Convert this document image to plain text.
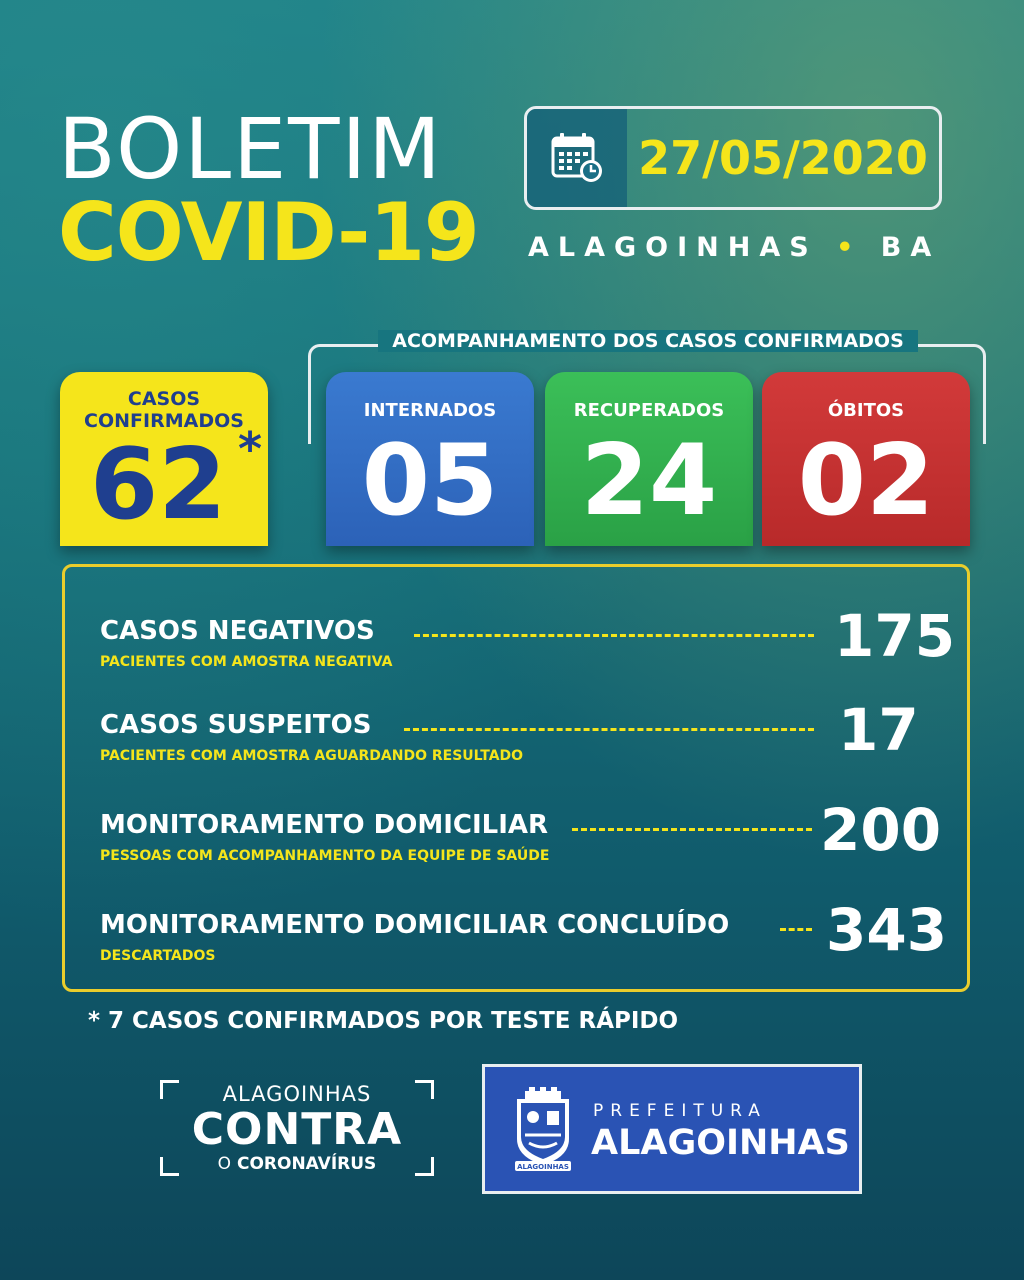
BOLETIM
COVID-19
27/05/2020
ALAGOINHAS • BA
ACOMPANHAMENTO DOS CASOS CONFIRMADOS
CASOS
CONFIRMADOS
62 *
INTERNADOS
05
RECUPERADOS
24
ÓBITOS
02
CASOS NEGATIVOS	175
PACIENTES COM AMOSTRA NEGATIVA
CASOS SUSPEITOS	17
PACIENTES COM AMOSTRA AGUARDANDO RESULTADO
MONITORAMENTO DOMICILIAR	200
PESSOAS COM ACOMPANHAMENTO DA EQUIPE DE SAÚDE
MONITORAMENTO DOMICILIAR CONCLUÍDO 343
DESCARTADOS
* 7 CASOS CONFIRMADOS POR TESTE RÁPIDO
ALAGOINHAS
CONTRA
O CORONAVÍRUS	ALAGOINHAS
PREFEITURA
ALAGOINHAS
